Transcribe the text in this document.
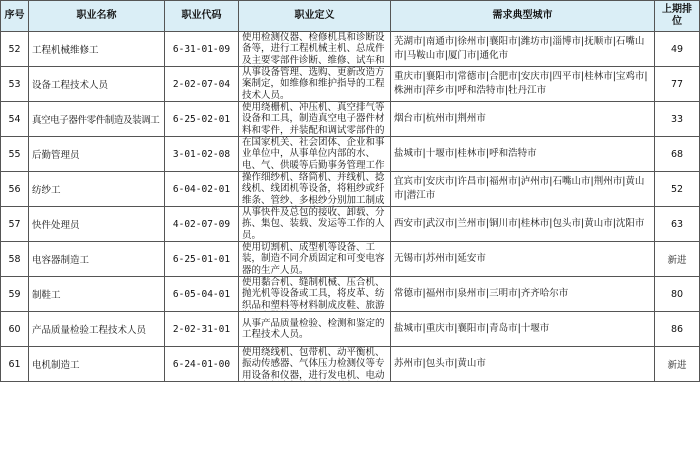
序号	职业名称	职业代码	职业定义	需求典型城市	上期排位
52	工程机械维修工	6-31-01-09	使用检测仪器、检修机具和诊断设备等，进行工程机械主机、总成件及主要零部件诊断、维修、试车和	芜湖市|南通市|徐州市|襄阳市|潍坊市|淄博市|抚顺市|石嘴山市|马鞍山市|厦门市|通化市	49
53	设备工程技术人员	2-02-07-04	从事设备管理、选购、更新改造方案制定，如维修和维护指导的工程技术人员。	重庆市|襄阳市|常德市|合肥市|安庆市|四平市|桂林市|宝鸡市|株洲市|萍乡市|呼和浩特市|牡丹江市	77
54	真空电子器件零件制造及装调工	6-25-02-01	使用绕栅机、冲压机、真空排气等设备和工具，制造真空电子器件材料和零件，并装配和调试零部件的	烟台市|杭州市|荆州市	33
55	后勤管理员	3-01-02-08	在国家机关、社会团体、企业和事业单位中，从事单位内部的水、电、气、供暖等后勤事务管理工作	盐城市|十堰市|桂林市|呼和浩特市	68
56	纺纱工	6-04-02-01	操作细纱机、络筒机、并线机、捻线机、线团机等设备，将粗纱或纤维条、管纱、多根纱分别加工制成	宜宾市|安庆市|许昌市|福州市|泸州市|石嘴山市|荆州市|黄山市|潜江市	52
57	快件处理员	4-02-07-09	从事快件及总包的接收、卸载、分拣、集包、装载、发运等工作的人员。	西安市|武汉市|兰州市|铜川市|桂林市|包头市|黄山市|沈阳市	63
58	电容器制造工	6-25-01-01	使用切割机、成型机等设备、工装，制造不同介质固定和可变电容器的生产人员。	无锡市|苏州市|延安市	新进
59	制鞋工	6-05-04-01	使用黏合机、缝制机械、压合机、抛光机等设备或工具，将皮革、纺织品和塑料等材料制成皮鞋、旅游	常德市|福州市|泉州市|三明市|齐齐哈尔市	80
60	产品质量检验工程技术人员	2-02-31-01	从事产品质量检验、检测和鉴定的工程技术人员。	盐城市|重庆市|襄阳市|青岛市|十堰市	86
61	电机制造工	6-24-01-00	使用绕线机、包带机、动平衡机、振动传感器、气体压力检测仪等专用设备和仪器，进行发电机、电动	苏州市|包头市|黄山市	新进
